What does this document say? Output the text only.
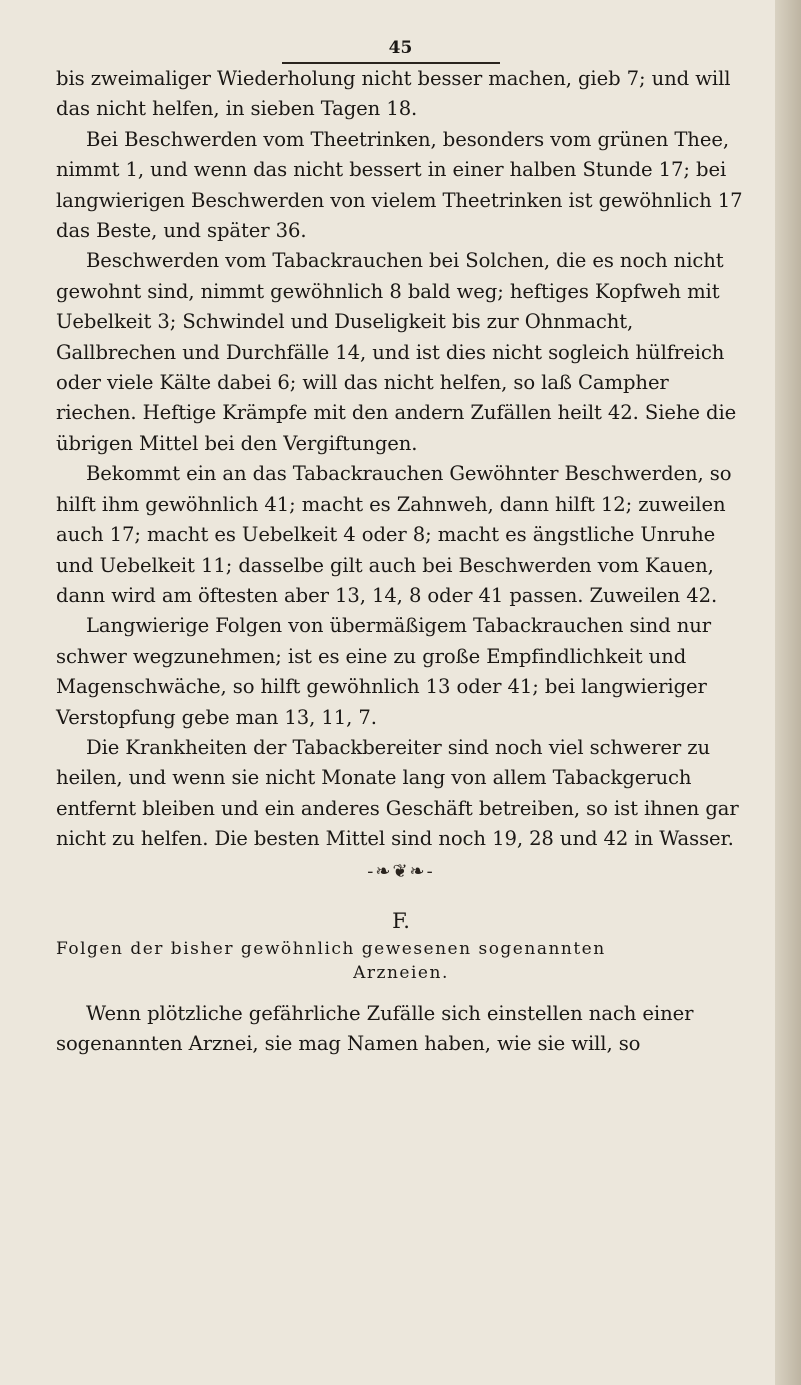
45

bis zweimaliger Wiederholung nicht besser machen, gieb 7; und will das nicht helfen, in sieben Tagen 18.

Bei Beschwerden vom Theetrinken, besonders vom grünen Thee, nimmt 1, und wenn das nicht bessert in einer halben Stunde 17; bei langwierigen Beschwerden von vielem Theetrinken ist gewöhnlich 17 das Beste, und später 36.

Beschwerden vom Tabackrauchen bei Solchen, die es noch nicht gewohnt sind, nimmt gewöhnlich 8 bald weg; heftiges Kopfweh mit Uebelkeit 3; Schwindel und Duseligkeit bis zur Ohnmacht, Gallbrechen und Durchfälle 14, und ist dies nicht sogleich hülfreich oder viele Kälte dabei 6; will das nicht helfen, so laß Campher riechen. Heftige Krämpfe mit den andern Zufällen heilt 42. Siehe die übrigen Mittel bei den Vergiftungen.

Bekommt ein an das Tabackrauchen Gewöhnter Beschwerden, so hilft ihm gewöhnlich 41; macht es Zahnweh, dann hilft 12; zuweilen auch 17; macht es Uebelkeit 4 oder 8; macht es ängstliche Unruhe und Uebelkeit 11; dasselbe gilt auch bei Beschwerden vom Kauen, dann wird am öftesten aber 13, 14, 8 oder 41 passen. Zuweilen 42.

Langwierige Folgen von übermäßigem Tabackrauchen sind nur schwer wegzunehmen; ist es eine zu große Empfindlichkeit und Magenschwäche, so hilft gewöhnlich 13 oder 41; bei langwieriger Verstopfung gebe man 13, 11, 7.

Die Krankheiten der Tabackbereiter sind noch viel schwerer zu heilen, und wenn sie nicht Monate lang von allem Tabackgeruch entfernt bleiben und ein anderes Geschäft betreiben, so ist ihnen gar nicht zu helfen. Die besten Mittel sind noch 19, 28 und 42 in Wasser.

-❧❦❧-

F.

Folgen der bisher gewöhnlich gewesenen sogenannten

Arzneien.

Wenn plötzliche gefährliche Zufälle sich einstellen nach einer sogenannten Arznei, sie mag Namen haben, wie sie will, so
